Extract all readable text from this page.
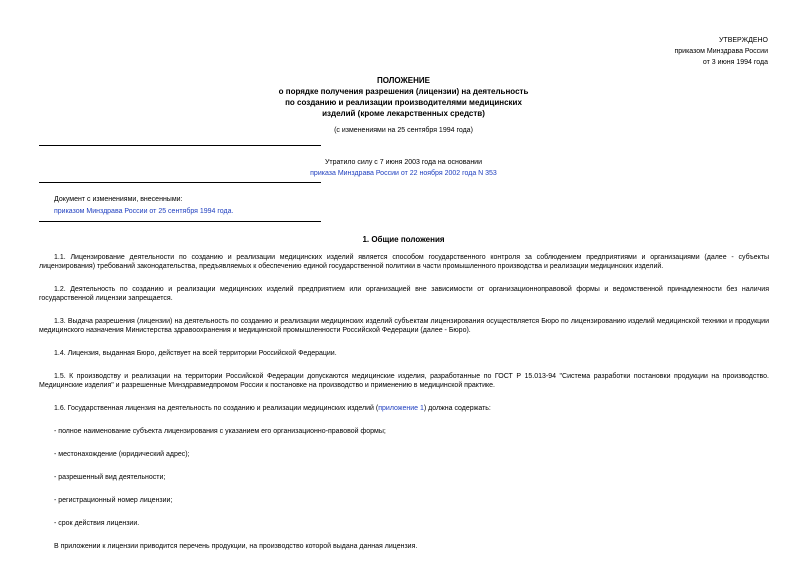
УТВЕРЖДЕНО
приказом Минздрава России
от 3 июня 1994 года
ПОЛОЖЕНИЕ
о порядке получения разрешения (лицензии) на деятельность
по созданию и реализации производителями медицинских
изделий (кроме лекарственных средств)
(с изменениями на 25 сентября 1994 года)
Утратило силу с 7 июня 2003 года на основании
приказа Минздрава России от 22 ноября 2002 года N 353
Документ с изменениями, внесенными:
приказом Минздрава России от 25 сентября 1994 года.
1. Общие положения

1.1. Лицензирование деятельности по созданию и реализации медицинских изделий является способом государственного контроля за соблюдением предприятиями и организациями (далее - субъекты лицензирования) требований законодательства, предъявляемых к обеспечению единой государственной политики в части промышленного производства и реализации медицинских изделий.

1.2. Деятельность по созданию и реализации медицинских изделий предприятием или организацией вне зависимости от организационноправовой формы и ведомственной принадлежности без наличия государственной лицензии запрещается.

1.3. Выдача разрешения (лицензии) на деятельность по созданию и реализации медицинских изделий субъектам лицензирования осуществляется Бюро по лицензированию изделий медицинской техники и продукции медицинского назначения Министерства здравоохранения и медицинской промышленности Российской Федерации (далее - Бюро).

1.4. Лицензия, выданная Бюро, действует на всей территории Российской Федерации.

1.5. К производству и реализации на территории Российской Федерации допускаются медицинские изделия, разработанные по ГОСТ Р 15.013-94 "Система разработки постановки продукции на производство. Медицинские изделия" и разрешенные Минздравмедпромом России к постановке на производство и применению в медицинской практике.

1.6. Государственная лицензия на деятельность по созданию и реализации медицинских изделий (приложение 1) должна содержать:

- полное наименование субъекта лицензирования с указанием его организационно-правовой формы;
- местонахождение (юридический адрес);
- разрешенный вид деятельности;
- регистрационный номер лицензии;
- срок действия лицензии.
В приложении к лицензии приводится перечень продукции, на производство которой выдана данная лицензия.
